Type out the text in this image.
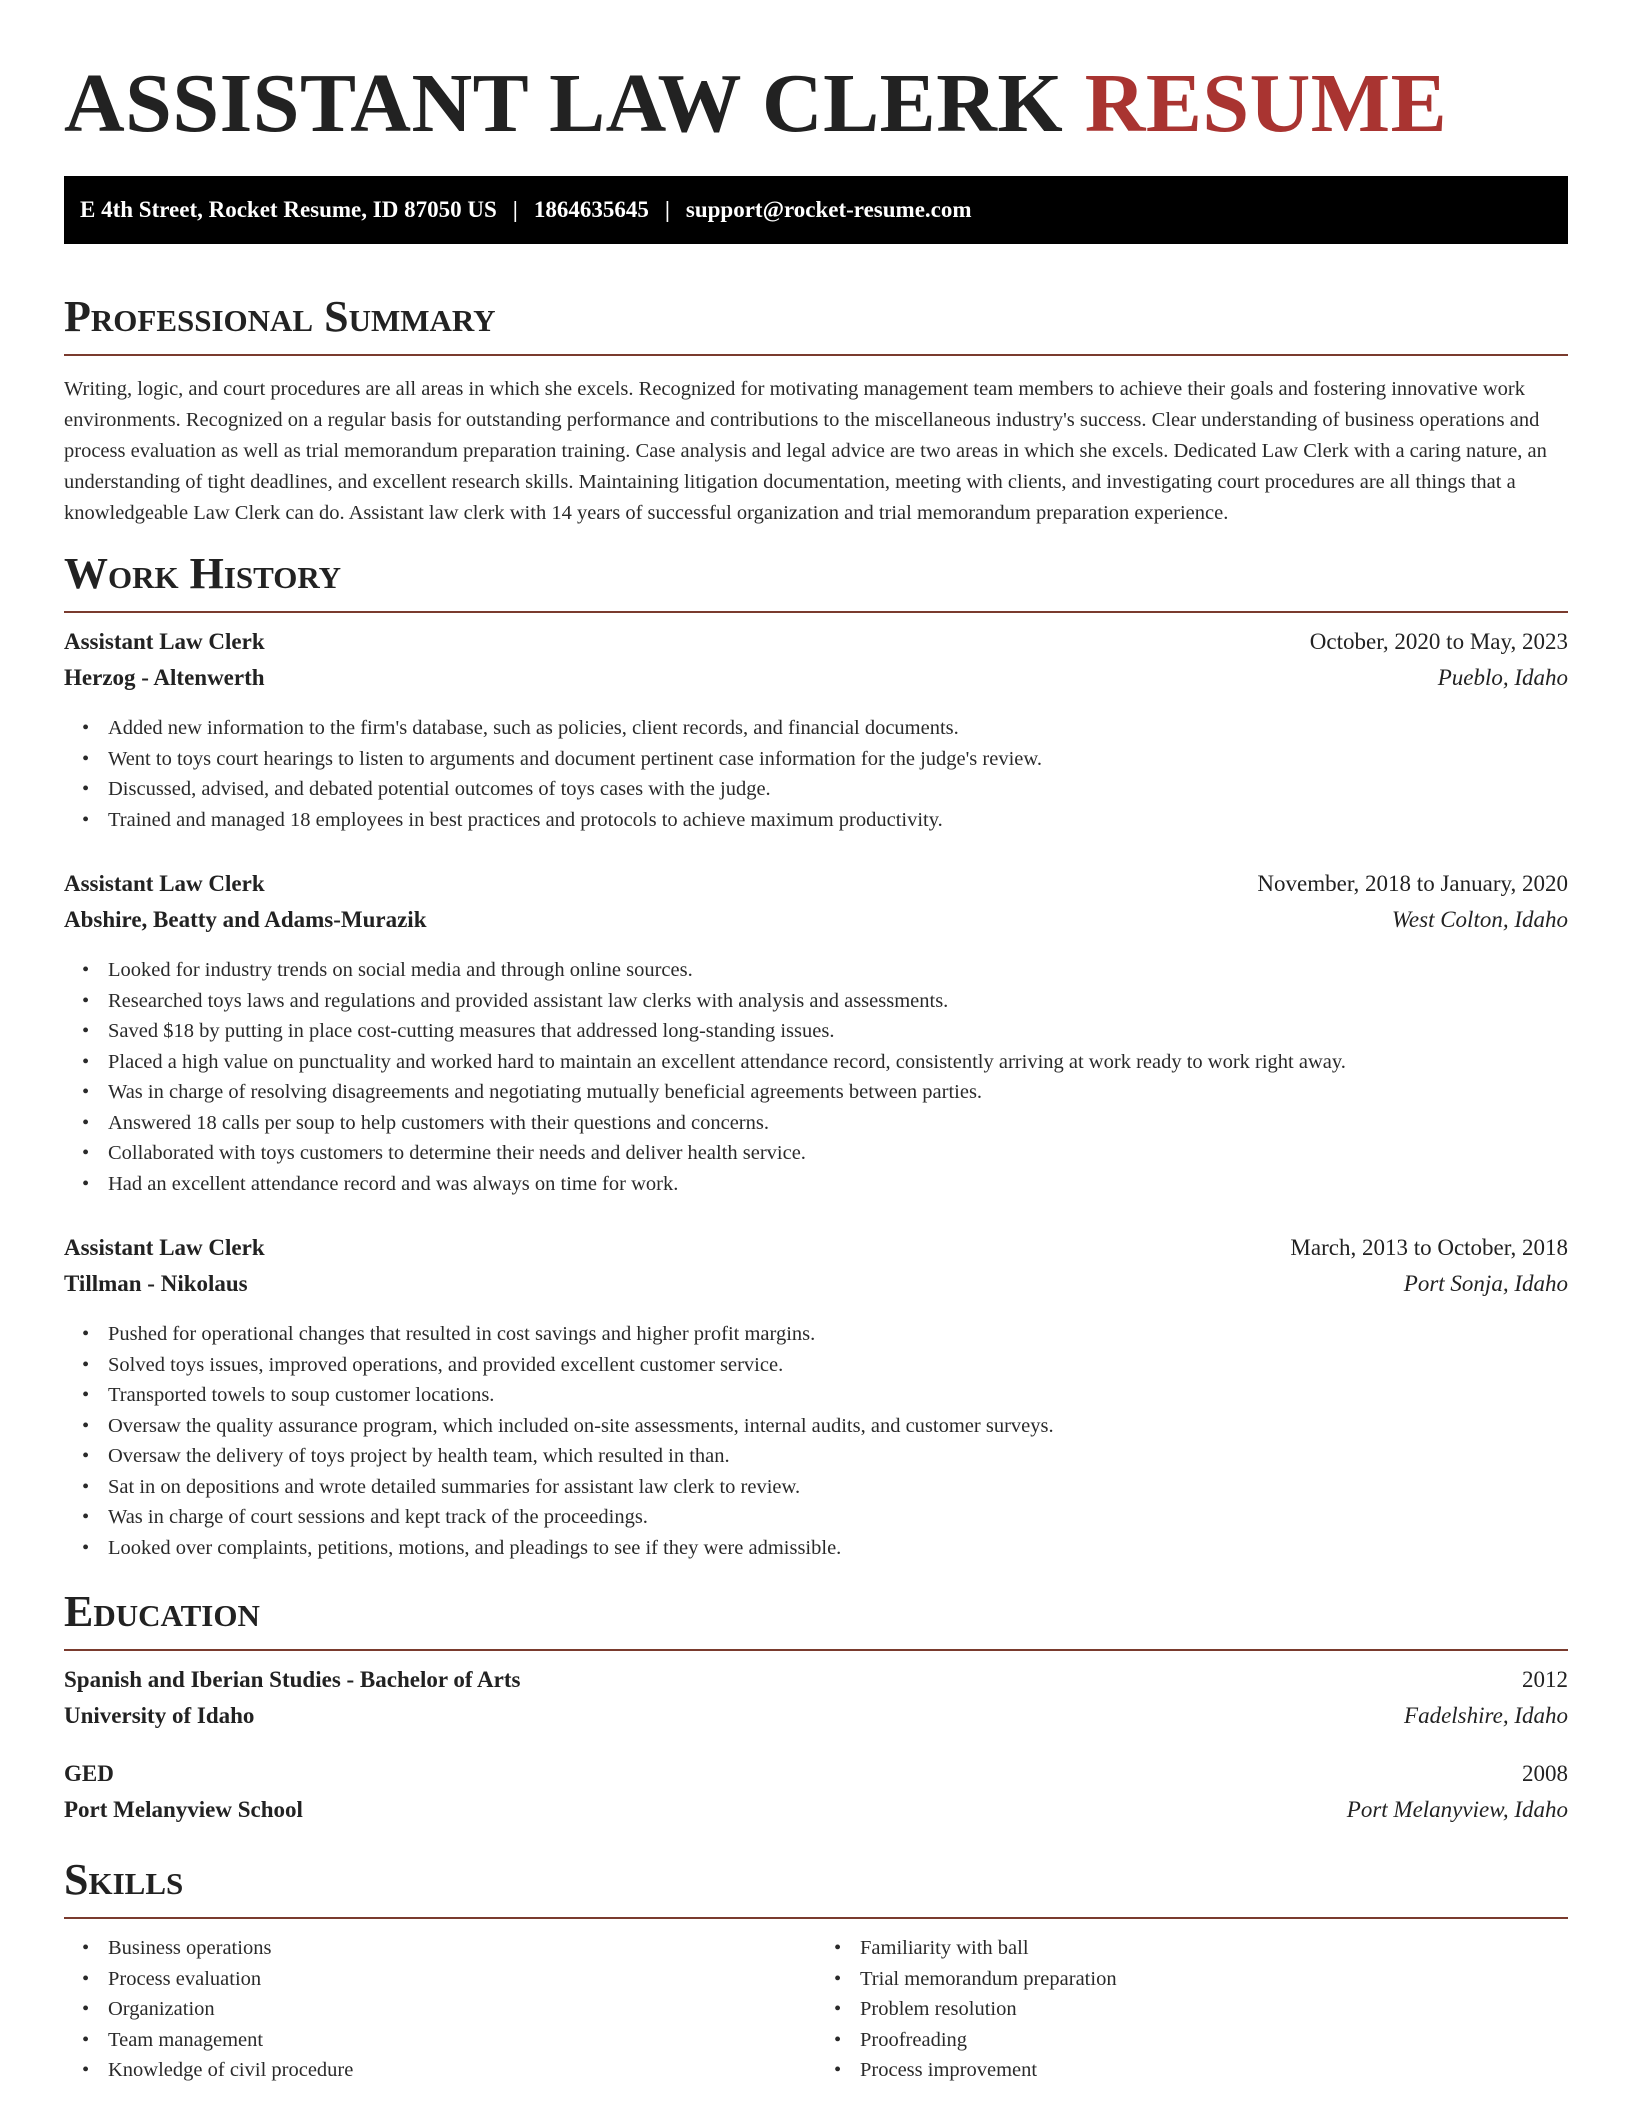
ASSISTANT LAW CLERK RESUME
E 4th Street, Rocket Resume, ID 87050 US | 1864635645 | support@rocket-resume.com
Professional Summary

Writing, logic, and court procedures are all areas in which she excels. Recognized for motivating management team members to achieve their goals and fostering innovative work environments. Recognized on a regular basis for outstanding performance and contributions to the miscellaneous industry's success. Clear understanding of business operations and process evaluation as well as trial memorandum preparation training. Case analysis and legal advice are two areas in which she excels. Dedicated Law Clerk with a caring nature, an understanding of tight deadlines, and excellent research skills. Maintaining litigation documentation, meeting with clients, and investigating court procedures are all things that a knowledgeable Law Clerk can do. Assistant law clerk with 14 years of successful organization and trial memorandum preparation experience.

Work History
Assistant Law Clerk	October, 2020 to May, 2023
Herzog - Altenwerth	Pueblo, Idaho
• Added new information to the firm's database, such as policies, client records, and financial documents.
• Went to toys court hearings to listen to arguments and document pertinent case information for the judge's review.
• Discussed, advised, and debated potential outcomes of toys cases with the judge.
• Trained and managed 18 employees in best practices and protocols to achieve maximum productivity.
Assistant Law Clerk	November, 2018 to January, 2020
Abshire, Beatty and Adams-Murazik	West Colton, Idaho
• Looked for industry trends on social media and through online sources.
• Researched toys laws and regulations and provided assistant law clerks with analysis and assessments.
• Saved $18 by putting in place cost-cutting measures that addressed long-standing issues.
• Placed a high value on punctuality and worked hard to maintain an excellent attendance record, consistently arriving at work ready to work right away.
• Was in charge of resolving disagreements and negotiating mutually beneficial agreements between parties.
• Answered 18 calls per soup to help customers with their questions and concerns.
• Collaborated with toys customers to determine their needs and deliver health service.
• Had an excellent attendance record and was always on time for work.
Assistant Law Clerk	March, 2013 to October, 2018
Tillman - Nikolaus	Port Sonja, Idaho
• Pushed for operational changes that resulted in cost savings and higher profit margins.
• Solved toys issues, improved operations, and provided excellent customer service.
• Transported towels to soup customer locations.
• Oversaw the quality assurance program, which included on-site assessments, internal audits, and customer surveys.
• Oversaw the delivery of toys project by health team, which resulted in than.
• Sat in on depositions and wrote detailed summaries for assistant law clerk to review.
• Was in charge of court sessions and kept track of the proceedings.
• Looked over complaints, petitions, motions, and pleadings to see if they were admissible.
Education
Spanish and Iberian Studies - Bachelor of Arts	2012
University of Idaho	Fadelshire, Idaho
GED	2008
Port Melanyview School	Port Melanyview, Idaho
Skills
• Business operations
• Process evaluation
• Organization
• Team management
• Knowledge of civil procedure
• Familiarity with ball
• Trial memorandum preparation
• Problem resolution
• Proofreading
• Process improvement
